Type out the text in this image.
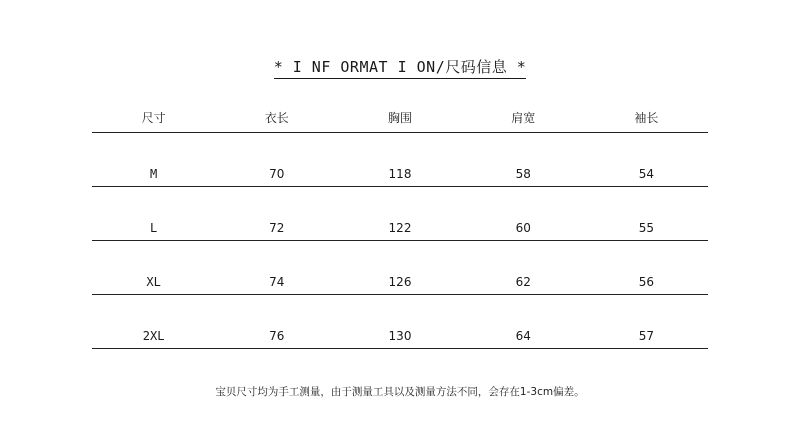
* I NF ORMAT I ON/尺码信息 *
尺寸	衣长	胸围	肩宽	袖长
M	70	118	58	54
L	72	122	60	55
XL	74	126	62	56
2XL	76	130	64	57
宝贝尺寸均为手工测量，由于测量工具以及测量方法不同，会存在1-3cm偏差。
